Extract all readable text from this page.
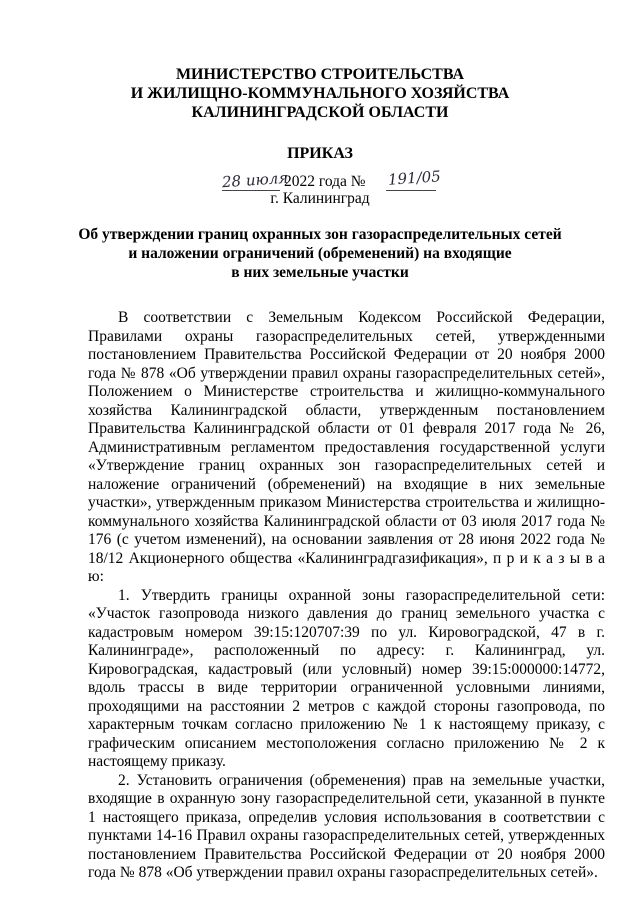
МИНИСТЕРСТВО СТРОИТЕЛЬСТВА
И ЖИЛИЩНО-КОММУНАЛЬНОГО ХОЗЯЙСТВА
КАЛИНИНГРАДСКОЙ ОБЛАСТИ
ПРИКАЗ
28 июля
2022 года № 191/05
г. Калининград
Об утверждении границ охранных зон газораспределительных сетей
и наложении ограничений (обременений) на входящие
в них земельные участки

В соответствии с Земельным Кодексом Российской Федерации, Правилами охраны газораспределительных сетей, утвержденными постановлением Правительства Российской Федерации от 20 ноября 2000 года № 878 «Об утверждении правил охраны газораспределительных сетей», Положением о Министерстве строительства и жилищно-коммунального хозяйства Калининградской области, утвержденным постановлением Правительства Калининградской области от 01 февраля 2017 года № 26, Административным регламентом предоставления государственной услуги «Утверждение границ охранных зон газораспределительных сетей и наложение ограничений (обременений) на входящие в них земельные участки», утвержденным приказом Министерства строительства и жилищно-коммунального хозяйства Калининградской области от 03 июля 2017 года № 176 (с учетом изменений), на основании заявления от 28 июня 2022 года № 18/12 Акционерного общества «Калининградгазификация», п р и к а з ы в а ю:

1. Утвердить границы охранной зоны газораспределительной сети: «Участок газопровода низкого давления до границ земельного участка с кадастровым номером 39:15:120707:39 по ул. Кировоградской, 47 в г. Калининграде», расположенный по адресу: г. Калининград, ул. Кировоградская, кадастровый (или условный) номер 39:15:000000:14772, вдоль трассы в виде территории ограниченной условными линиями, проходящими на расстоянии 2 метров с каждой стороны газопровода, по характерным точкам согласно приложению № 1 к настоящему приказу, с графическим описанием местоположения согласно приложению № 2 к настоящему приказу.

2. Установить ограничения (обременения) прав на земельные участки, входящие в охранную зону газораспределительной сети, указанной в пункте 1 настоящего приказа, определив условия использования в соответствии с пунктами 14-16 Правил охраны газораспределительных сетей, утвержденных постановлением Правительства Российской Федерации от 20 ноября 2000 года № 878 «Об утверждении правил охраны газораспределительных сетей».
